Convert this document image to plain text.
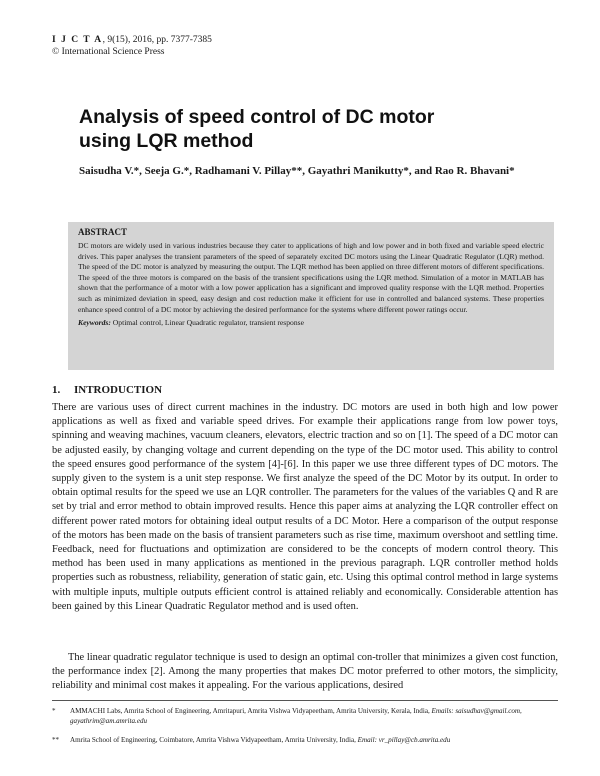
I J C T A, 9(15), 2016, pp. 7377-7385
© International Science Press
Analysis of speed control of DC motor using LQR method
Saisudha V.*, Seeja G.*, Radhamani V. Pillay**, Gayathri Manikutty*, and Rao R. Bhavani*
ABSTRACT

DC motors are widely used in various industries because they cater to applications of high and low power and in both fixed and variable speed electric drives. This paper analyses the transient parameters of the speed of separately excited DC motors using the Linear Quadratic Regulator (LQR) method. The speed of the DC motor is analyzed by measuring the output. The LQR method has been applied on three different motors of different specifications. The speed of the three motors is compared on the basis of the transient specifications using the LQR method. Simulation of a motor in MATLAB has shown that the performance of a motor with a low power application has a significant and improved quality response with the LQR method. Properties such as minimized deviation in speed, easy design and cost reduction make it efficient for use in controlled and balanced systems. These properties enhance speed control of a DC motor by achieving the desired performance for the systems where different power ratings occur.

Keywords: Optimal control, Linear Quadratic regulator, transient response
1. INTRODUCTION

There are various uses of direct current machines in the industry. DC motors are used in both high and low power applications as well as fixed and variable speed drives. For example their applications range from low power toys, spinning and weaving machines, vacuum cleaners, elevators, electric traction and so on [1]. The speed of a DC motor can be adjusted easily, by changing voltage and current depending on the type of the DC motor used. This ability to control the speed ensures good performance of the system [4]-[6]. In this paper we use three different types of DC motors. The supply given to the system is a unit step response. We first analyze the speed of the DC Motor by its output. In order to obtain optimal results for the speed we use an LQR controller. The parameters for the values of the variables Q and R are set by trial and error method to obtain improved results. Hence this paper aims at analyzing the LQR controller effect on different power rated motors for obtaining ideal output results of a DC Motor. Here a comparison of the output response of the motors has been made on the basis of transient parameters such as rise time, maximum overshoot and settling time. Feedback, need for fluctuations and optimization are considered to be the concepts of modern control theory. This method has been used in many applications as mentioned in the previous paragraph. LQR controller method holds properties such as robustness, reliability, generation of static gain, etc. Using this optimal control method in large systems with multiple inputs, multiple outputs efficient control is attained reliably and economically. Considerable attention has been gained by this Linear Quadratic Regulator method and is used often.

The linear quadratic regulator technique is used to design an optimal con-troller that minimizes a given cost function, the performance index [2]. Among the many properties that makes DC motor preferred to other motors, the simplicity, reliability and minimal cost makes it appealing. For the various applications, desired

* AMMACHI Labs, Amrita School of Engineering, Amritapuri, Amrita Vishwa Vidyapeetham, Amrita University, Kerala, India, Emails: saisudhav@gmail.com, gayathrim@am.amrita.edu
** Amrita School of Engineering, Coimbatore, Amrita Vishwa Vidyapeetham, Amrita University, India, Email: vr_pillay@cb.amrita.edu
